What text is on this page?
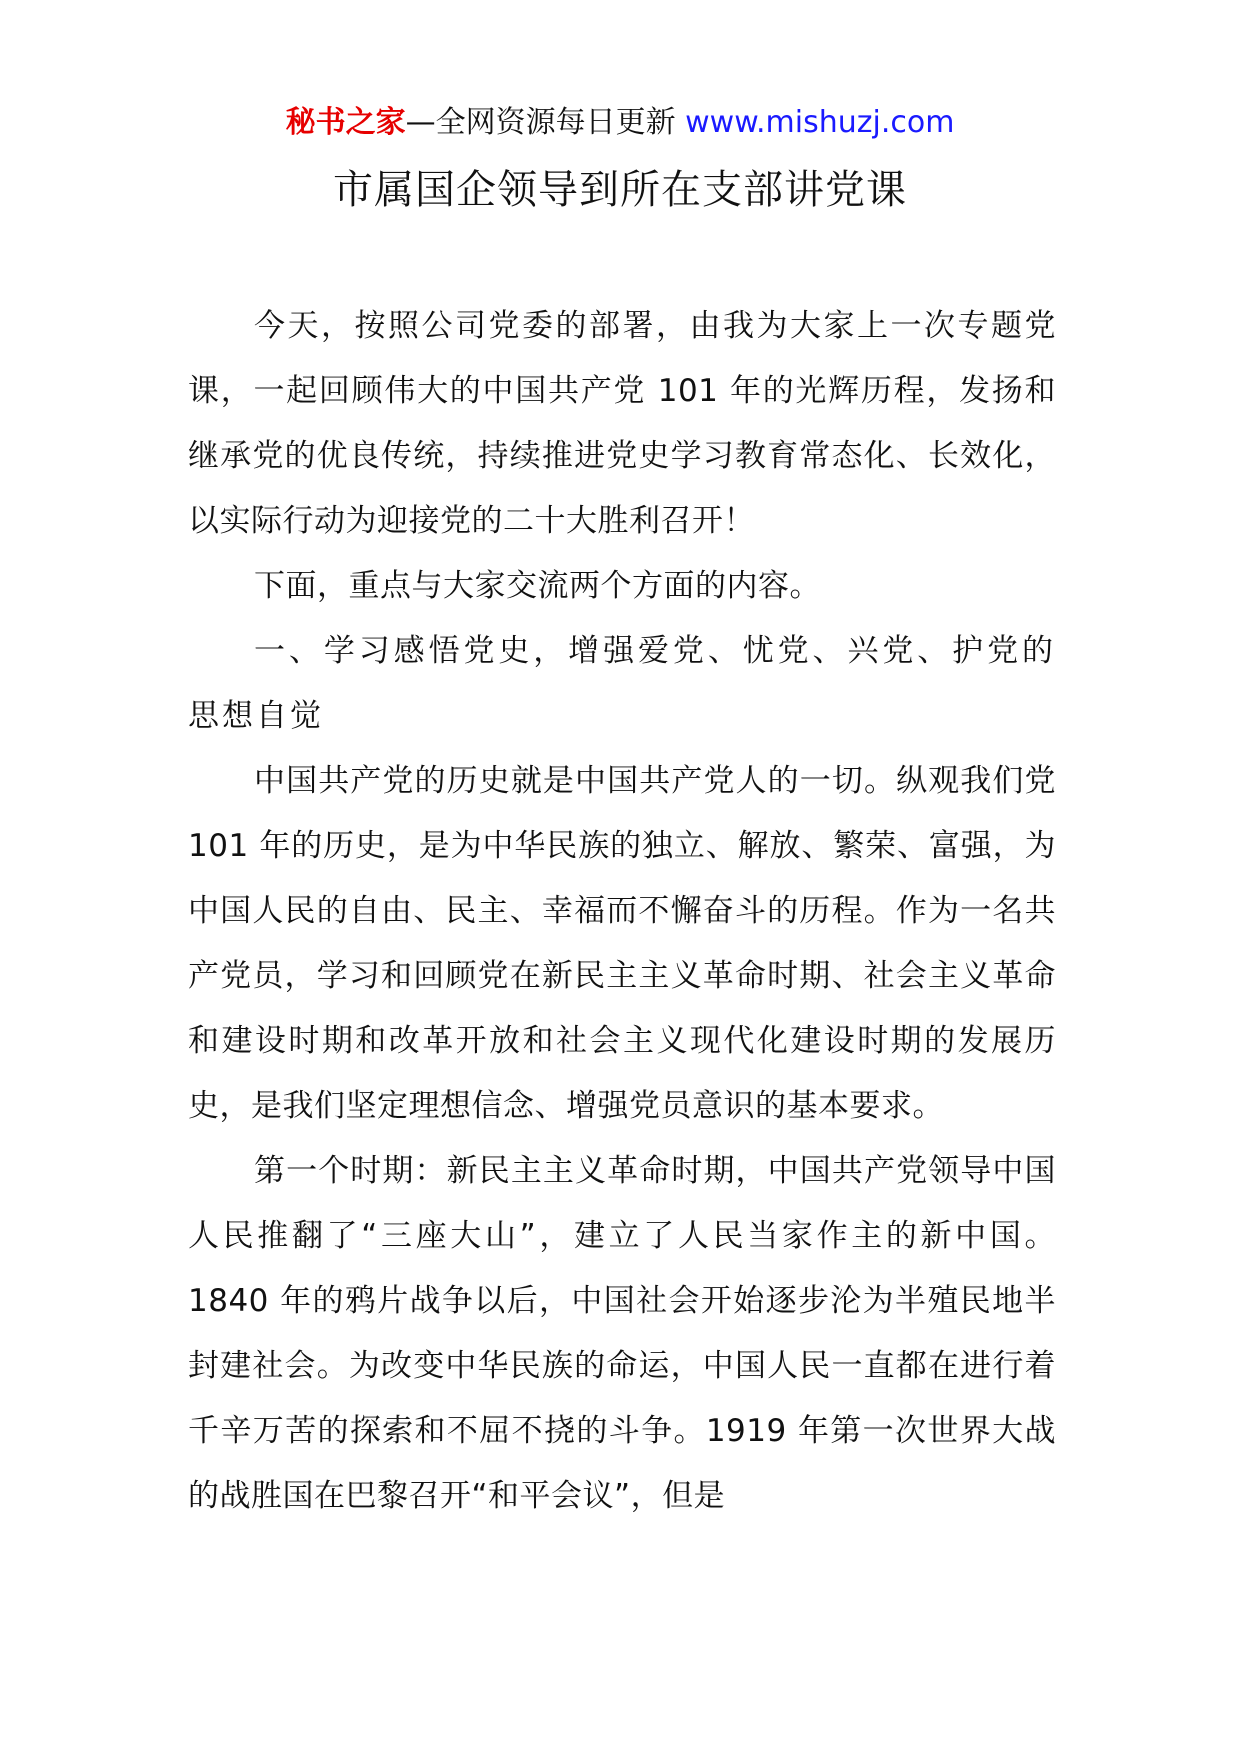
秘书之家—全网资源每日更新 www.mishuzj.com
市属国企领导到所在支部讲党课

今天，按照公司党委的部署，由我为大家上一次专题党课，一起回顾伟大的中国共产党 101 年的光辉历程，发扬和继承党的优良传统，持续推进党史学习教育常态化、长效化，以实际行动为迎接党的二十大胜利召开！

下面，重点与大家交流两个方面的内容。

一、学习感悟党史，增强爱党、忧党、兴党、护党的思想自觉

中国共产党的历史就是中国共产党人的一切。纵观我们党 101 年的历史，是为中华民族的独立、解放、繁荣、富强，为中国人民的自由、民主、幸福而不懈奋斗的历程。作为一名共产党员，学习和回顾党在新民主主义革命时期、社会主义革命和建设时期和改革开放和社会主义现代化建设时期的发展历史，是我们坚定理想信念、增强党员意识的基本要求。

第一个时期：新民主主义革命时期，中国共产党领导中国人民推翻了“三座大山”，建立了人民当家作主的新中国。1840 年的鸦片战争以后，中国社会开始逐步沦为半殖民地半封建社会。为改变中华民族的命运，中国人民一直都在进行着千辛万苦的探索和不屈不挠的斗争。1919 年第一次世界大战的战胜国在巴黎召开“和平会议”，但是
